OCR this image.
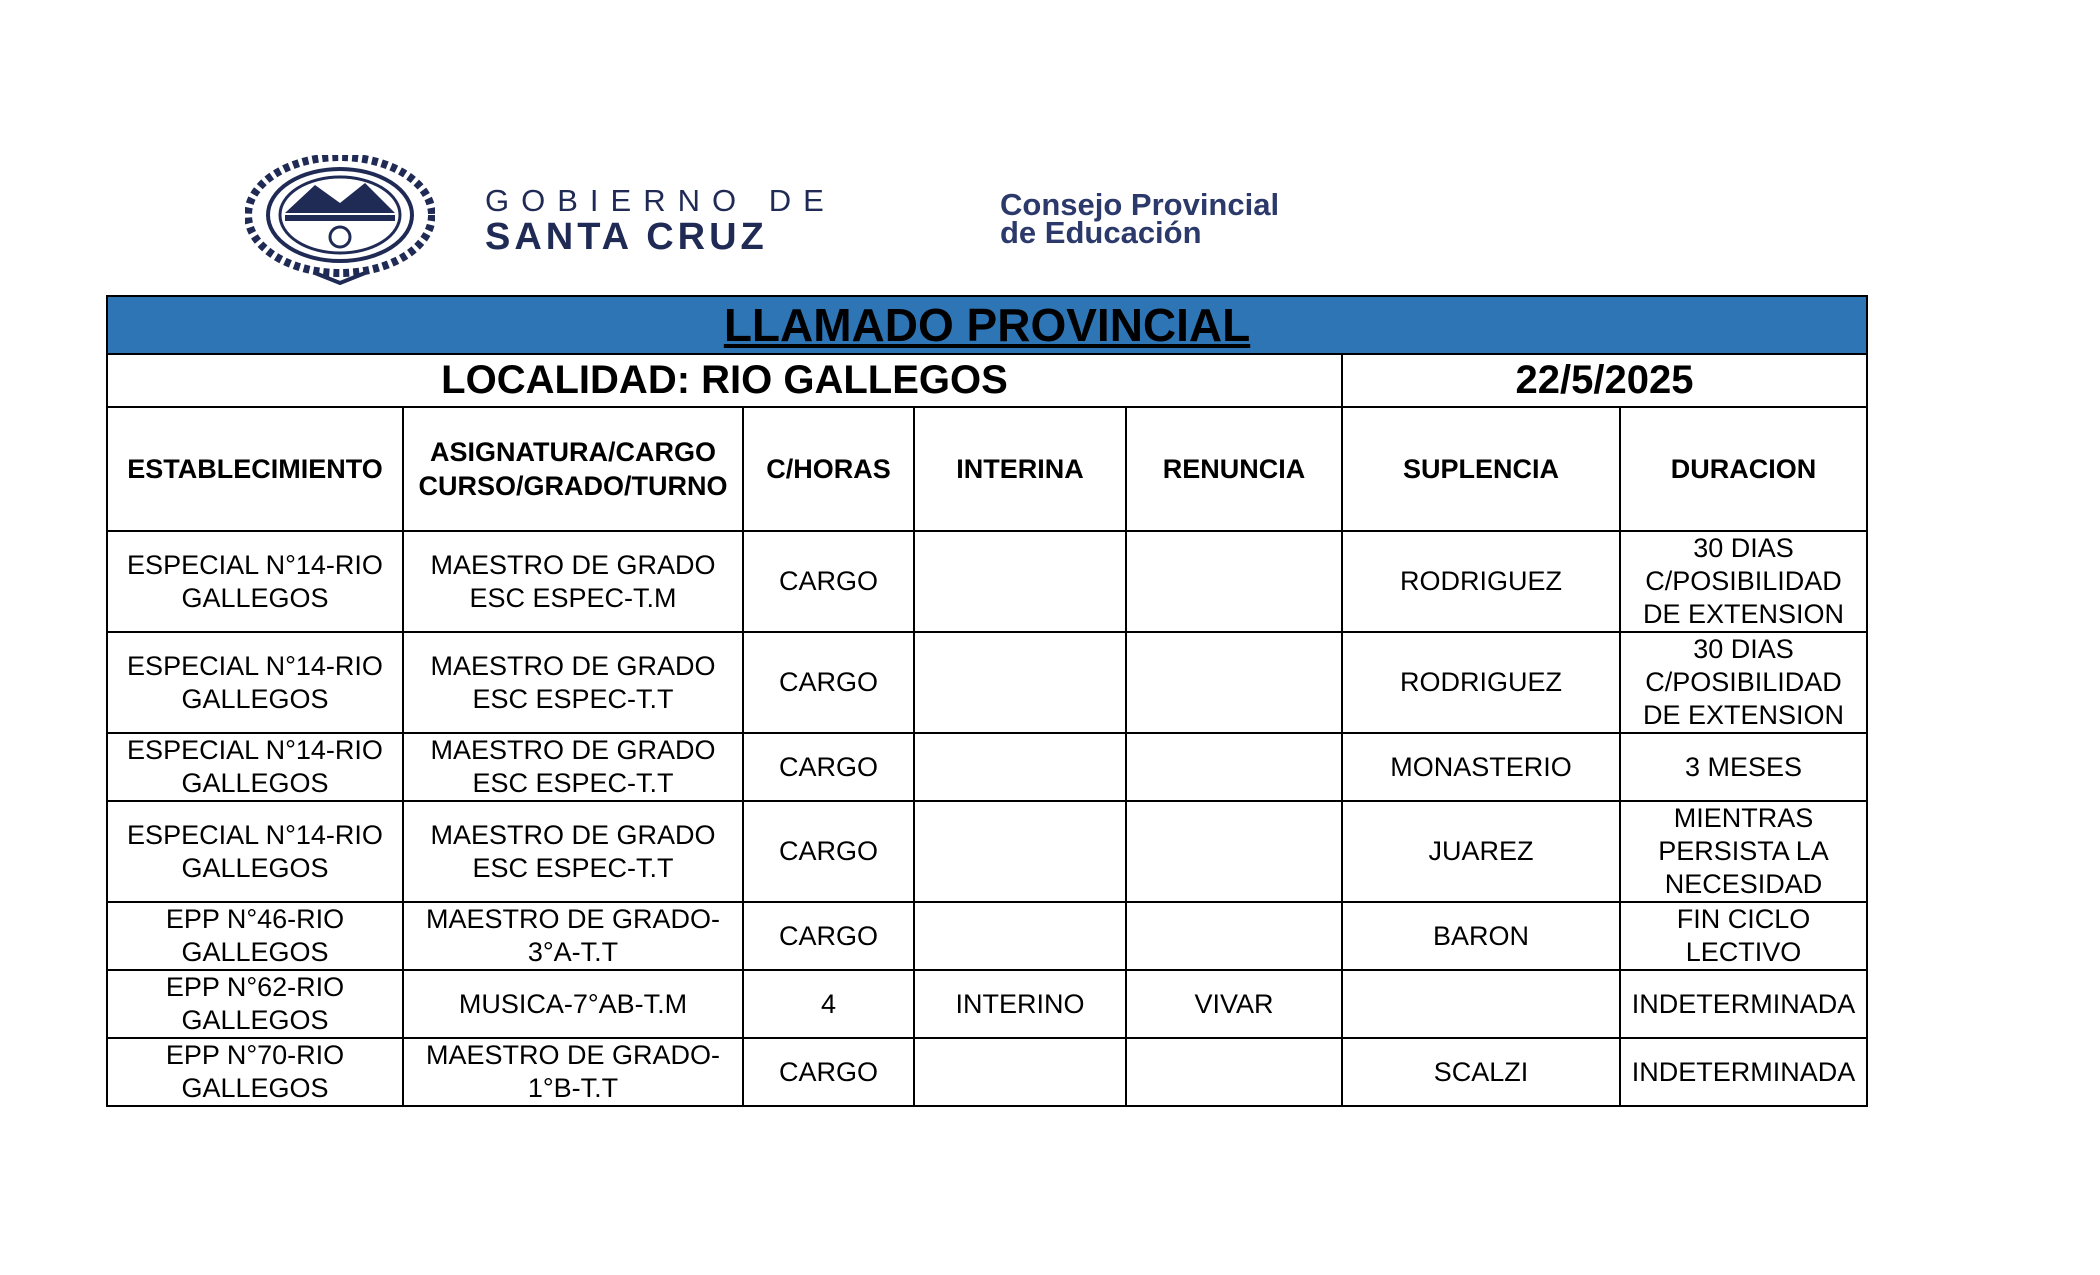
GOBIERNO DE
SANTA CRUZ
Consejo Provincial
de Educación
LLAMADO PROVINCIAL						
LOCALIDAD: RIO GALLEGOS					22/5/2025	
ESTABLECIMIENTO	ASIGNATURA/CARGO CURSO/GRADO/TURNO	C/HORAS	INTERINA	RENUNCIA	SUPLENCIA	DURACION
ESPECIAL N°14-RIO GALLEGOS	MAESTRO DE GRADO ESC ESPEC-T.M	CARGO			RODRIGUEZ	30 DIAS C/POSIBILIDAD DE EXTENSION
ESPECIAL N°14-RIO GALLEGOS	MAESTRO DE GRADO ESC ESPEC-T.T	CARGO			RODRIGUEZ	30 DIAS C/POSIBILIDAD DE EXTENSION
ESPECIAL N°14-RIO GALLEGOS	MAESTRO DE GRADO ESC ESPEC-T.T	CARGO			MONASTERIO	3 MESES
ESPECIAL N°14-RIO GALLEGOS	MAESTRO DE GRADO ESC ESPEC-T.T	CARGO			JUAREZ	MIENTRAS PERSISTA LA NECESIDAD
EPP N°46-RIO GALLEGOS	MAESTRO DE GRADO-3°A-T.T	CARGO			BARON	FIN CICLO LECTIVO
EPP N°62-RIO GALLEGOS	MUSICA-7°AB-T.M	4	INTERINO	VIVAR		INDETERMINADA
EPP N°70-RIO GALLEGOS	MAESTRO DE GRADO-1°B-T.T	CARGO			SCALZI	INDETERMINADA
